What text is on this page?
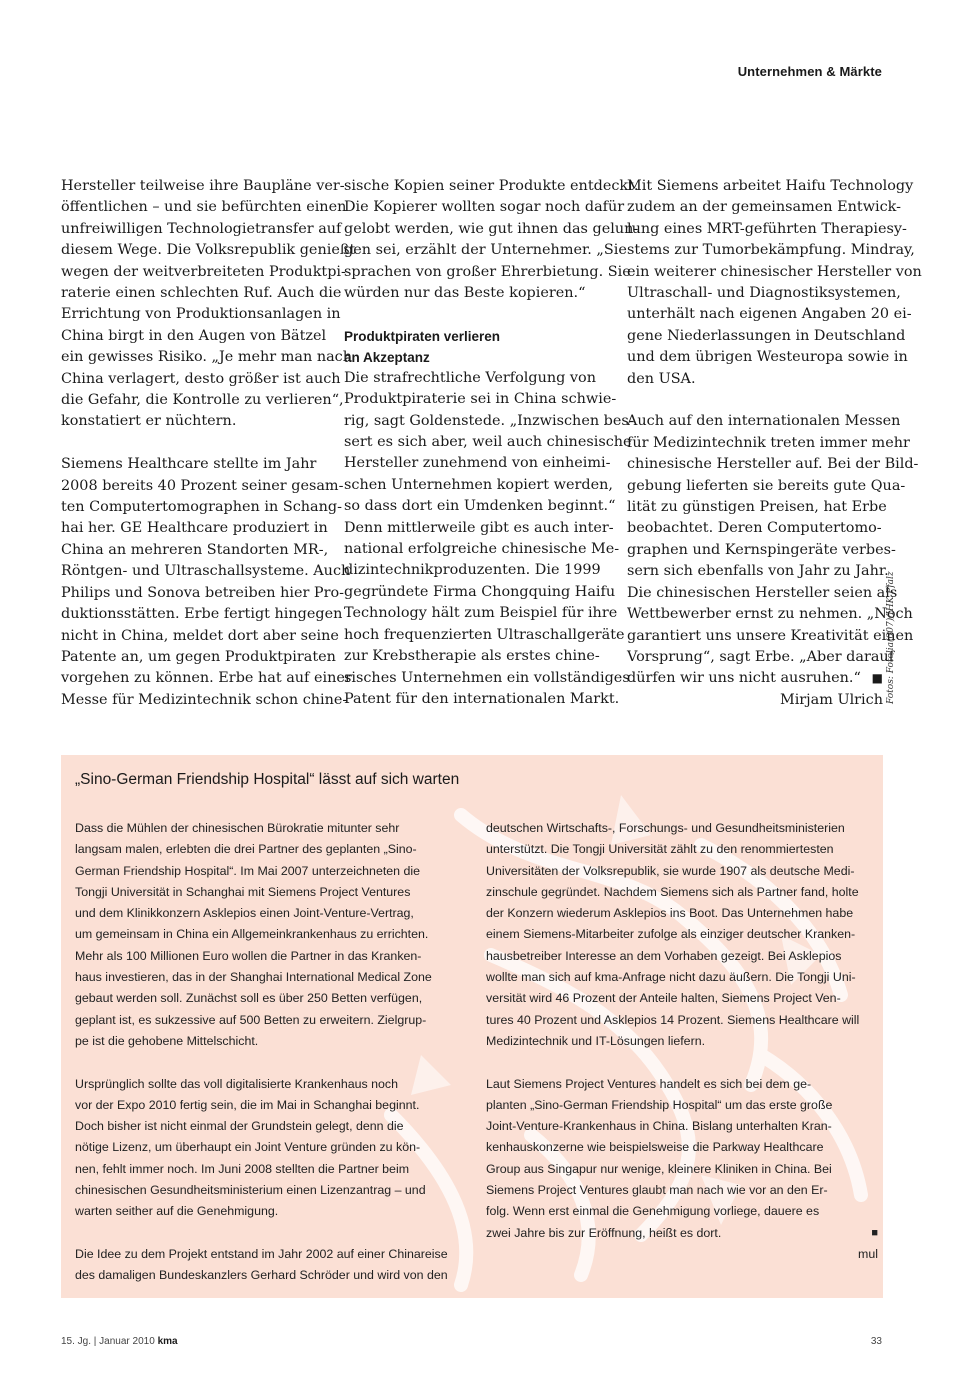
Unternehmen & Märkte
Hersteller teilweise ihre Baupläne ver-
öffentlichen – und sie befürchten einen
unfreiwilligen Technologietransfer auf
diesem Wege. Die Volksrepublik genießt
wegen der weitverbreiteten Produktpi-
raterie einen schlechten Ruf. Auch die
Errichtung von Produktionsanlagen in
China birgt in den Augen von Bätzel
ein gewisses Risiko. „Je mehr man nach
China verlagert, desto größer ist auch
die Gefahr, die Kontrolle zu verlieren“,
konstatiert er nüchtern.
Siemens Healthcare stellte im Jahr
2008 bereits 40 Prozent seiner gesam-
ten Computertomographen in Schang-
hai her. GE Healthcare produziert in
China an mehreren Standorten MR-,
Röntgen- und Ultraschallsysteme. Auch
Philips und Sonova betreiben hier Pro-
duktionsstätten. Erbe fertigt hingegen
nicht in China, meldet dort aber seine
Patente an, um gegen Produktpiraten
vorgehen zu können. Erbe hat auf einer
Messe für Medizintechnik schon chine-
sische Kopien seiner Produkte entdeckt.
Die Kopierer wollten sogar noch dafür
gelobt werden, wie gut ihnen das gelun-
gen sei, erzählt der Unternehmer. „Sie
sprachen von großer Ehrerbietung. Sie
würden nur das Beste kopieren.“
Produktpiraten verlieren
an Akzeptanz
Die strafrechtliche Verfolgung von
Produktpiraterie sei in China schwie-
rig, sagt Goldenstede. „Inzwischen bes-
sert es sich aber, weil auch chinesische
Hersteller zunehmend von einheimi-
schen Unternehmen kopiert werden,
so dass dort ein Umdenken beginnt.“
Denn mittlerweile gibt es auch inter-
national erfolgreiche chinesische Me-
dizintechnikproduzenten. Die 1999
gegründete Firma Chongquing Haifu
Technology hält zum Beispiel für ihre
hoch frequenzierten Ultraschallgeräte
zur Krebstherapie als erstes chine-
sisches Unternehmen ein vollständiges
Patent für den internationalen Markt.
Mit Siemens arbeitet Haifu Technology
zudem an der gemeinsamen Entwick-
lung eines MRT-geführten Therapiesy-
stems zur Tumorbekämpfung. Mindray,
ein weiterer chinesischer Hersteller von
Ultraschall- und Diagnostiksystemen,
unterhält nach eigenen Angaben 20 ei-
gene Niederlassungen in Deutschland
und dem übrigen Westeuropa sowie in
den USA.
Auch auf den internationalen Messen
für Medizintechnik treten immer mehr
chinesische Hersteller auf. Bei der Bild-
gebung lieferten sie bereits gute Qua-
lität zu günstigen Preisen, hat Erbe
beobachtet. Deren Computertomo-
graphen und Kernspingeräte verbes-
sern sich ebenfalls von Jahr zu Jahr.
Die chinesischen Hersteller seien als
Wettbewerber ernst zu nehmen. „Noch
garantiert uns unsere Kreativität einen
Vorsprung“, sagt Erbe. „Aber darauf
dürfen wir uns nicht ausruhen.“ ■
Mirjam Ulrich Fotos: Fotolia(007)/IHK Pfalz
„Sino-German Friendship Hospital“ lässt auf sich warten
Dass die Mühlen der chinesischen Bürokratie mitunter sehr
langsam malen, erlebten die drei Partner des geplanten „Sino-
German Friendship Hospital“. Im Mai 2007 unterzeichneten die
Tongji Universität in Schanghai mit Siemens Project Ventures
und dem Klinikkonzern Asklepios einen Joint-Venture-Vertrag,
um gemeinsam in China ein Allgemeinkrankenhaus zu errichten.
Mehr als 100 Millionen Euro wollen die Partner in das Kranken-
haus investieren, das in der Shanghai International Medical Zone
gebaut werden soll. Zunächst soll es über 250 Betten verfügen,
geplant ist, es sukzessive auf 500 Betten zu erweitern. Zielgrup-
pe ist die gehobene Mittelschicht.
Ursprünglich sollte das voll digitalisierte Krankenhaus noch
vor der Expo 2010 fertig sein, die im Mai in Schanghai beginnt.
Doch bisher ist nicht einmal der Grundstein gelegt, denn die
nötige Lizenz, um überhaupt ein Joint Venture gründen zu kön-
nen, fehlt immer noch. Im Juni 2008 stellten die Partner beim
chinesischen Gesundheitsministerium einen Lizenzantrag – und
warten seither auf die Genehmigung.
Die Idee zu dem Projekt entstand im Jahr 2002 auf einer Chinareise
des damaligen Bundeskanzlers Gerhard Schröder und wird von den
deutschen Wirtschafts-, Forschungs- und Gesundheitsministerien
unterstützt. Die Tongji Universität zählt zu den renommiertesten
Universitäten der Volksrepublik, sie wurde 1907 als deutsche Medi-
zinschule gegründet. Nachdem Siemens sich als Partner fand, holte
der Konzern wiederum Asklepios ins Boot. Das Unternehmen habe
einem Siemens-Mitarbeiter zufolge als einziger deutscher Kranken-
hausbetreiber Interesse an dem Vorhaben gezeigt. Bei Asklepios
wollte man sich auf kma-Anfrage nicht dazu äußern. Die Tongji Uni-
versität wird 46 Prozent der Anteile halten, Siemens Project Ven-
tures 40 Prozent und Asklepios 14 Prozent. Siemens Healthcare will
Medizintechnik und IT-Lösungen liefern.
Laut Siemens Project Ventures handelt es sich bei dem ge-
planten „Sino-German Friendship Hospital“ um das erste große
Joint-Venture-Krankenhaus in China. Bislang unterhalten Kran-
kenhauskonzerne wie beispielsweise die Parkway Healthcare
Group aus Singapur nur wenige, kleinere Kliniken in China. Bei
Siemens Project Ventures glaubt man nach wie vor an den Er-
folg. Wenn erst einmal die Genehmigung vorliege, dauere es
zwei Jahre bis zur Eröffnung, heißt es dort.	■
mul
15. Jg. | Januar 2010 kma	33
